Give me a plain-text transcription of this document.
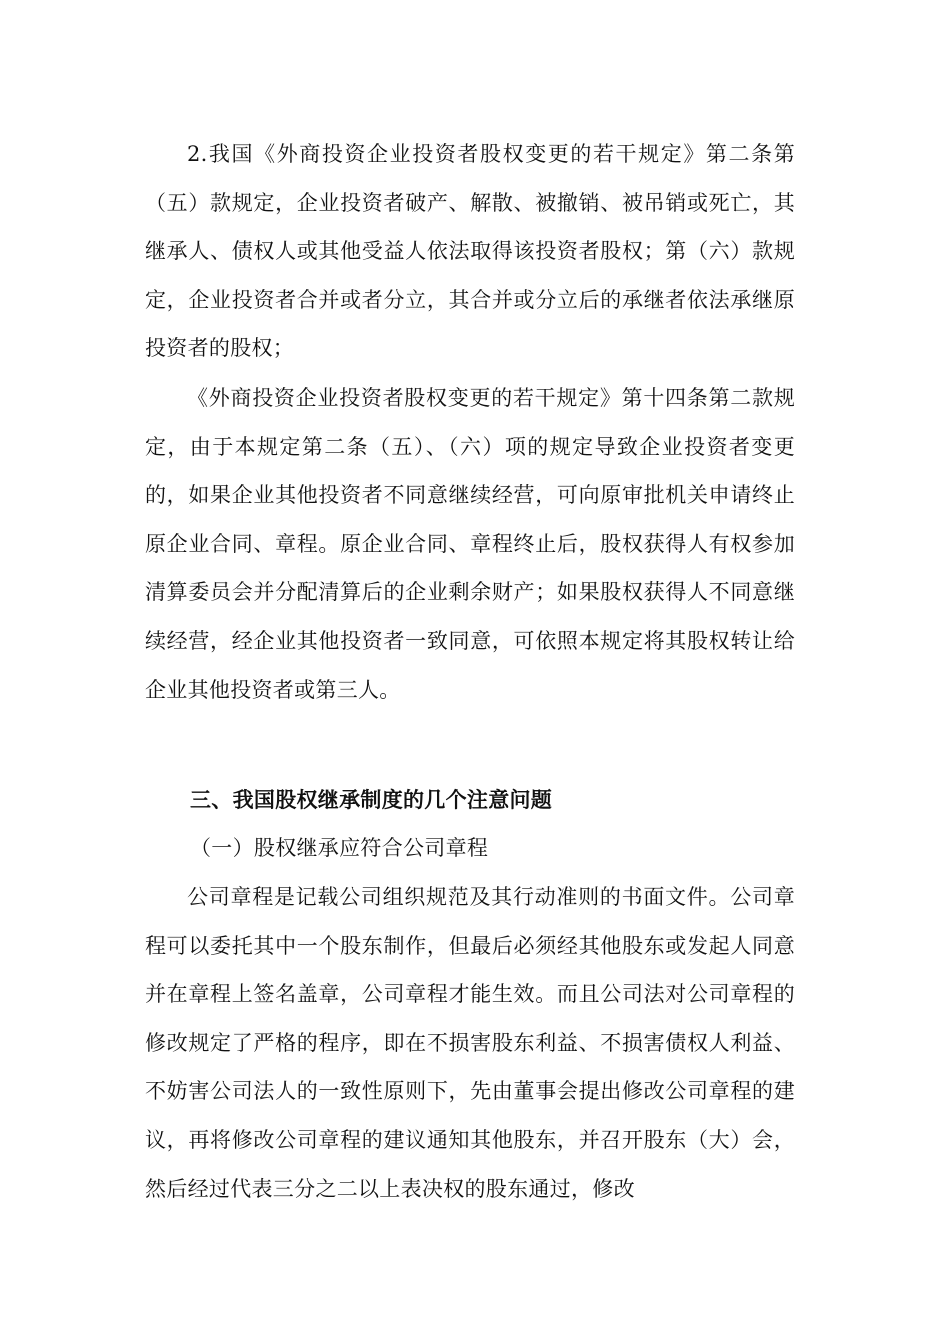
2.我国《外商投资企业投资者股权变更的若干规定》第二条第（五）款规定，企业投资者破产、解散、被撤销、被吊销或死亡，其继承人、债权人或其他受益人依法取得该投资者股权；第（六）款规定，企业投资者合并或者分立，其合并或分立后的承继者依法承继原投资者的股权；

《外商投资企业投资者股权变更的若干规定》第十四条第二款规定，由于本规定第二条（五）、（六）项的规定导致企业投资者变更的，如果企业其他投资者不同意继续经营，可向原审批机关申请终止原企业合同、章程。原企业合同、章程终止后，股权获得人有权参加清算委员会并分配清算后的企业剩余财产；如果股权获得人不同意继续经营，经企业其他投资者一致同意，可依照本规定将其股权转让给企业其他投资者或第三人。

三、我国股权继承制度的几个注意问题

（一）股权继承应符合公司章程

公司章程是记载公司组织规范及其行动准则的书面文件。公司章程可以委托其中一个股东制作，但最后必须经其他股东或发起人同意并在章程上签名盖章，公司章程才能生效。而且公司法对公司章程的修改规定了严格的程序，即在不损害股东利益、不损害债权人利益、不妨害公司法人的一致性原则下，先由董事会提出修改公司章程的建议，再将修改公司章程的建议通知其他股东，并召开股东（大）会，然后经过代表三分之二以上表决权的股东通过，修改
